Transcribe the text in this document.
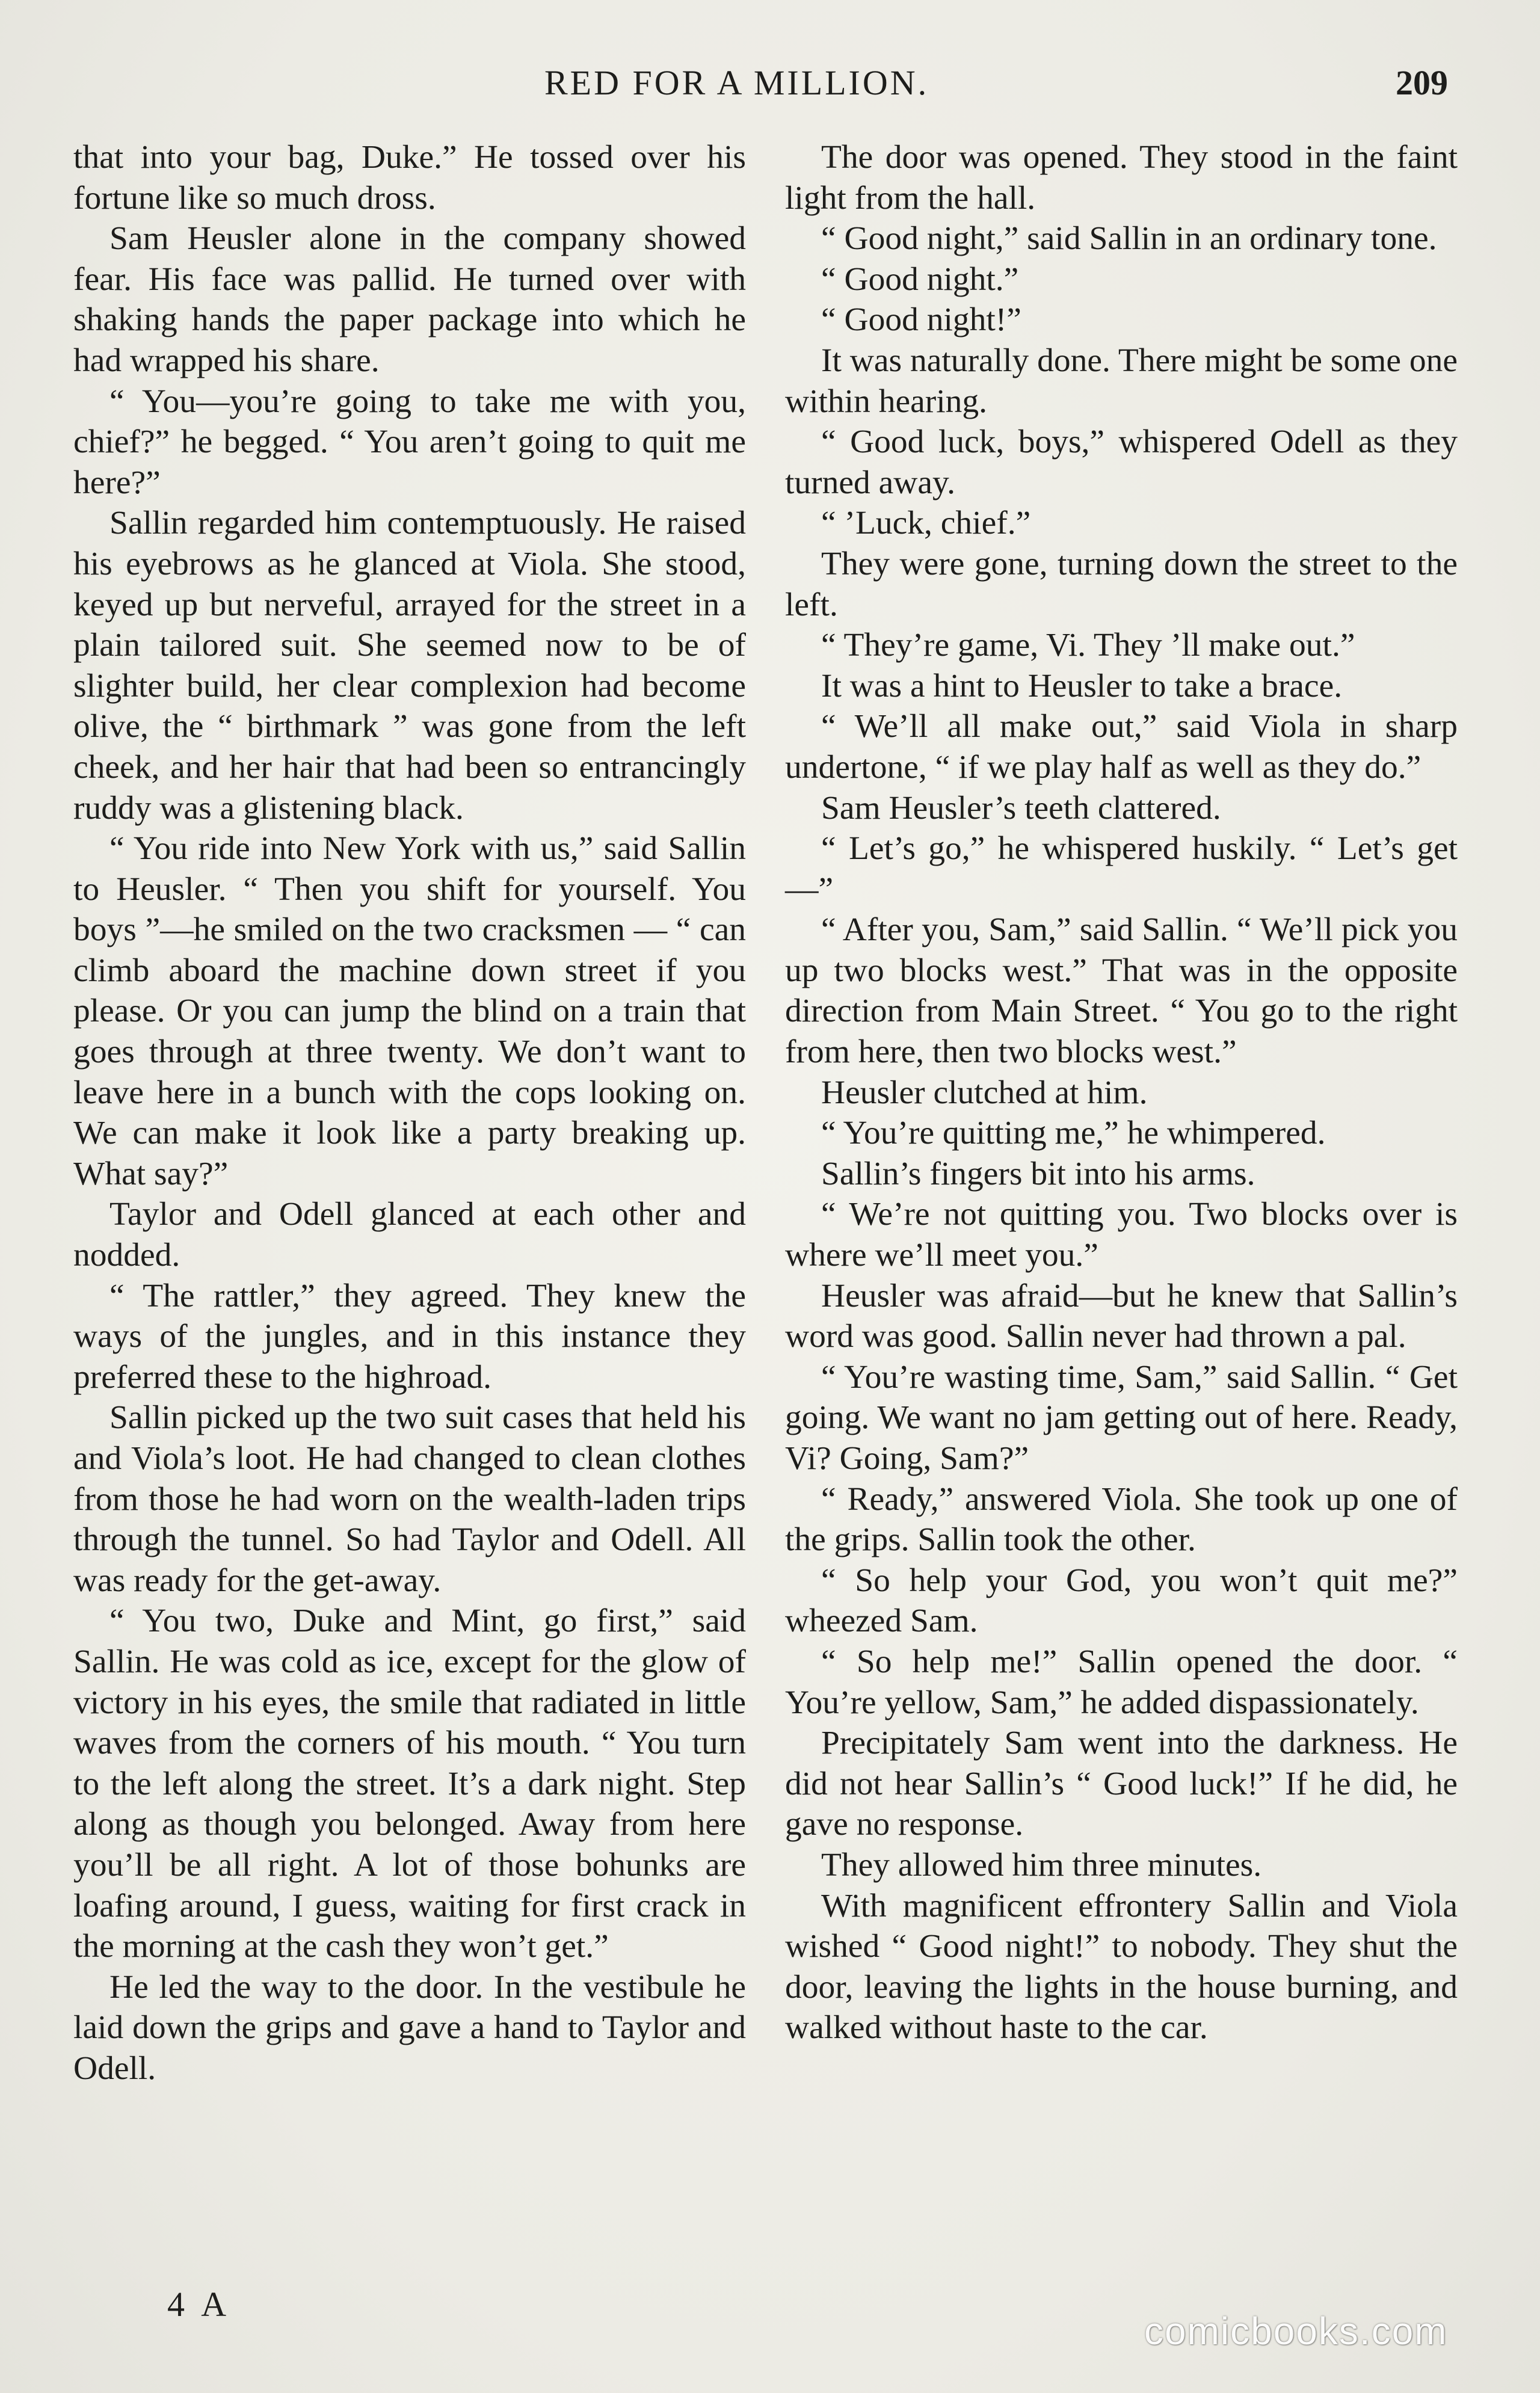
RED FOR A MILLION.	209

that into your bag, Duke.” He tossed over his fortune like so much dross.

Sam Heusler alone in the company showed fear. His face was pallid. He turned over with shaking hands the paper package into which he had wrapped his share.

“ You—you’re going to take me with you, chief?” he begged. “ You aren’t going to quit me here?”

Sallin regarded him contemptuously. He raised his eyebrows as he glanced at Viola. She stood, keyed up but nerveful, arrayed for the street in a plain tailored suit. She seemed now to be of slighter build, her clear complexion had become olive, the “ birthmark ” was gone from the left cheek, and her hair that had been so entrancingly ruddy was a glistening black.

“ You ride into New York with us,” said Sallin to Heusler. “ Then you shift for yourself. You boys ”—he smiled on the two cracksmen — “ can climb aboard the machine down street if you please. Or you can jump the blind on a train that goes through at three twenty. We don’t want to leave here in a bunch with the cops looking on. We can make it look like a party breaking up. What say?”

Taylor and Odell glanced at each other and nodded.

“ The rattler,” they agreed. They knew the ways of the jungles, and in this instance they preferred these to the highroad.

Sallin picked up the two suit cases that held his and Viola’s loot. He had changed to clean clothes from those he had worn on the wealth-laden trips through the tunnel. So had Taylor and Odell. All was ready for the get-away.

“ You two, Duke and Mint, go first,” said Sallin. He was cold as ice, except for the glow of victory in his eyes, the smile that radiated in little waves from the corners of his mouth. “ You turn to the left along the street. It’s a dark night. Step along as though you belonged. Away from here you’ll be all right. A lot of those bohunks are loafing around, I guess, waiting for first crack in the morning at the cash they won’t get.”

He led the way to the door. In the vestibule he laid down the grips and gave a hand to Taylor and Odell.

The door was opened. They stood in the faint light from the hall.

“ Good night,” said Sallin in an ordinary tone.

“ Good night.”

“ Good night!”

It was naturally done. There might be some one within hearing.

“ Good luck, boys,” whispered Odell as they turned away.

“ ’Luck, chief.”

They were gone, turning down the street to the left.

“ They’re game, Vi. They ’ll make out.”

It was a hint to Heusler to take a brace.

“ We’ll all make out,” said Viola in sharp undertone, “ if we play half as well as they do.”

Sam Heusler’s teeth clattered.

“ Let’s go,” he whispered huskily. “ Let’s get—”

“ After you, Sam,” said Sallin. “ We’ll pick you up two blocks west.” That was in the opposite direction from Main Street. “ You go to the right from here, then two blocks west.”

Heusler clutched at him.

“ You’re quitting me,” he whimpered.

Sallin’s fingers bit into his arms.

“ We’re not quitting you. Two blocks over is where we’ll meet you.”

Heusler was afraid—but he knew that Sallin’s word was good. Sallin never had thrown a pal.

“ You’re wasting time, Sam,” said Sallin. “ Get going. We want no jam getting out of here. Ready, Vi? Going, Sam?”

“ Ready,” answered Viola. She took up one of the grips. Sallin took the other.

“ So help your God, you won’t quit me?” wheezed Sam.

“ So help me!” Sallin opened the door. “ You’re yellow, Sam,” he added dispassionately.

Precipitately Sam went into the darkness. He did not hear Sallin’s “ Good luck!” If he did, he gave no response.

They allowed him three minutes.

With magnificent effrontery Sallin and Viola wished “ Good night!” to nobody. They shut the door, leaving the lights in the house burning, and walked without haste to the car.

4 A
comicbooks.com
